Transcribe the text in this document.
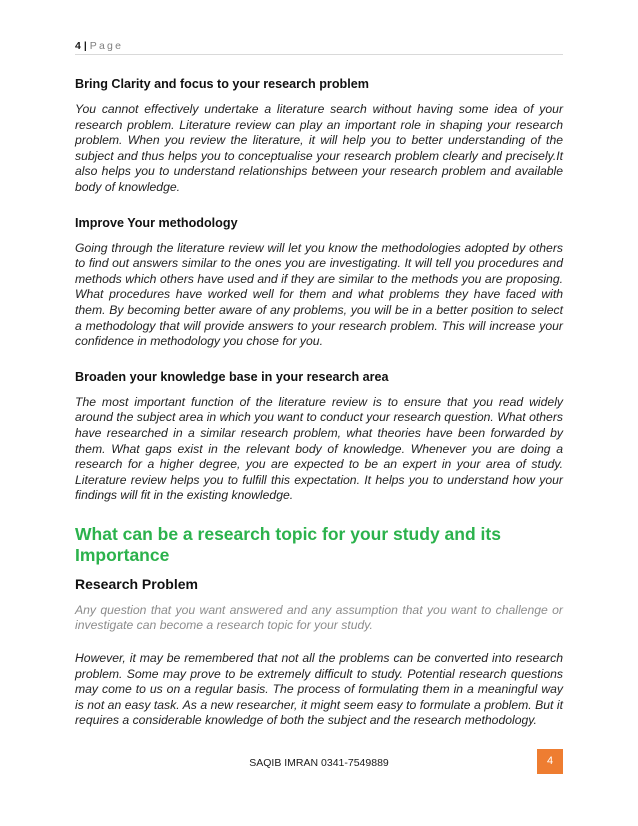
4 | Page
Bring Clarity and focus to your research problem

You cannot effectively undertake a literature search without having some idea of your research problem. Literature review can play an important role in shaping your research problem. When you review the literature, it will help you to better understanding of the subject and thus helps you to conceptualise your research problem clearly and precisely.It also helps you to understand relationships between your research problem and available body of knowledge.

Improve Your methodology

Going through the literature review will let you know the methodologies adopted by others to find out answers similar to the ones you are investigating. It will tell you procedures and methods which others have used and if they are similar to the methods you are proposing. What procedures have worked well for them and what problems they have faced with them. By becoming better aware of any problems, you will be in a better position to select a methodology that will provide answers to your research problem. This will increase your confidence in methodology you chose for you.

Broaden your knowledge base in your research area

The most important function of the literature review is to ensure that you read widely around the subject area in which you want to conduct your research question. What others have researched in a similar research problem, what theories have been forwarded by them. What gaps exist in the relevant body of knowledge. Whenever you are doing a research for a higher degree, you are expected to be an expert in your area of study. Literature review helps you to fulfill this expectation. It helps you to understand how your findings will fit in the existing knowledge.

What can be a research topic for your study and its Importance
Research Problem

Any question that you want answered and any assumption that you want to challenge or investigate can become a research topic for your study.

However, it may be remembered that not all the problems can be converted into research problem. Some may prove to be extremely difficult to study. Potential research questions may come to us on a regular basis. The process of formulating them in a meaningful way is not an easy task. As a new researcher, it might seem easy to formulate a problem. But it requires a considerable knowledge of both the subject and the research methodology.

SAQIB IMRAN 0341-7549889	4
